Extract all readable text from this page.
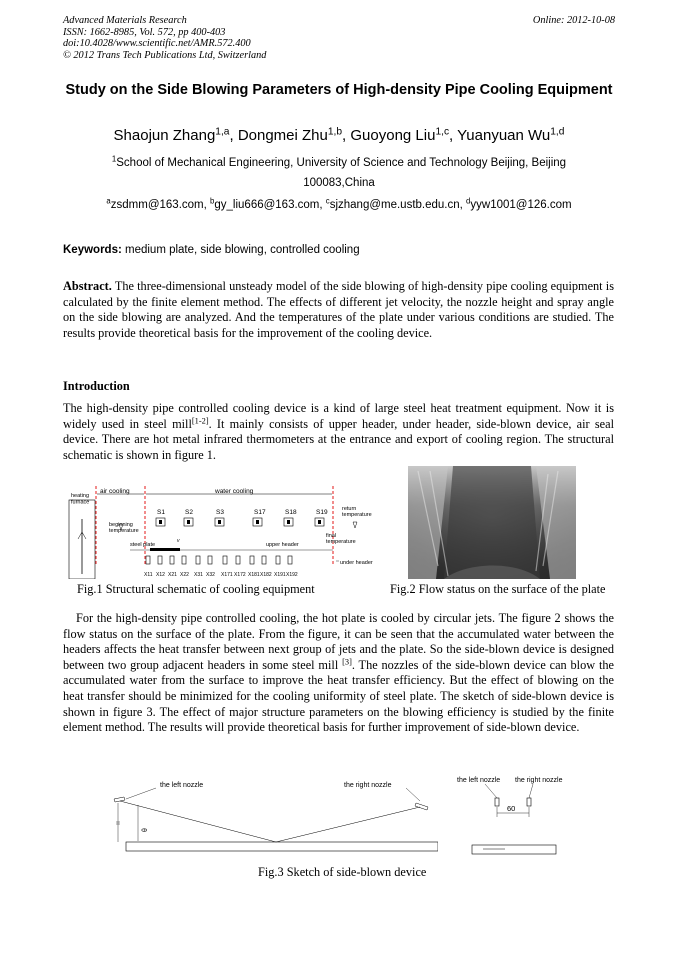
Advanced Materials Research
ISSN: 1662-8985, Vol. 572, pp 400-403
doi:10.4028/www.scientific.net/AMR.572.400
© 2012 Trans Tech Publications Ltd, Switzerland
Online: 2012-10-08
Study on the Side Blowing Parameters of High-density Pipe Cooling Equipment
Shaojun Zhang$^{1,a}$, Dongmei Zhu$^{1,b}$, Guoyong Liu$^{1,c}$, Yuanyuan Wu$^{1,d}$
$^1$School of Mechanical Engineering, University of Science and Technology Beijing, Beijing 100083,China
$^a$zsdmm@163.com, $^b$gy_liu666@163.com, $^c$sjzhang@me.ustb.edu.cn, $^d$yyw1001@126.com
Keywords: medium plate, side blowing, controlled cooling
Abstract. The three-dimensional unsteady model of the side blowing of high-density pipe cooling equipment is calculated by the finite element method. The effects of different jet velocity, the nozzle height and spray angle on the side blowing are analyzed. And the temperatures of the plate under various conditions are studied. The results provide theoretical basis for the improvement of the cooling device.
Introduction
The high-density pipe controlled cooling device is a kind of large steel heat treatment equipment. Now it is widely used in steel mill[1-2]. It mainly consists of upper header, under header, side-blown device, air seal device. There are hot metal infrared thermometers at the entrance and export of cooling region. The structural schematic is shown in figure 1.
heating
furnace
air cooling	water cooling
beginning
temperature
return
temperature
final
temperature
steel plate	upper header
under header
v
S1	S2	S3	S17	S18	S19
X11 X12 X21 X22 X31 X32 X171 X172 X181 X182 X191 X192
Fig.1 Structural schematic of cooling equipment	Fig.2 Flow status on the surface of the plate
For the high-density pipe controlled cooling, the hot plate is cooled by circular jets. The figure 2 shows the flow status on the surface of the plate. From the figure, it can be seen that the accumulated water between the headers affects the heat transfer between next group of jets and the plate. So the side-blown device is designed between two group adjacent headers in some steel mill [3]. The nozzles of the side-blown device can blow the accumulated water from the surface to improve the heat transfer efficiency. But the effect of blowing on the heat transfer should be minimized for the cooling uniformity of steel plate. The sketch of side-blown device is shown in figure 3. The effect of major structure parameters on the blowing efficiency is studied by the finite element method. The results will provide theoretical basis for further improvement of side-blown device.
the left nozzle	the right nozzle
θ
the left nozzle the right nozzle
60
Fig.3 Sketch of side-blown device
